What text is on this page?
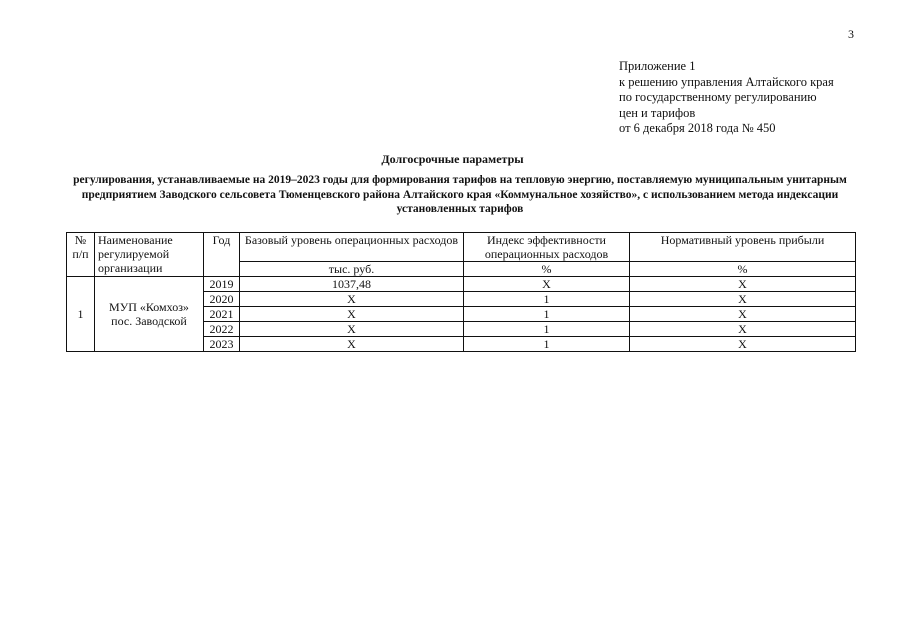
3
Приложение 1
к решению управления Алтайского края
по государственному регулированию
цен и тарифов
от 6 декабря 2018 года № 450
Долгосрочные параметры
регулирования, устанавливаемые на 2019–2023 годы для формирования тарифов на тепловую энергию, поставляемую муниципальным унитарным предприятием Заводского сельсовета Тюменцевского района Алтайского края «Коммунальное хозяйство», с использованием метода индексации установленных тарифов
№ п/п	Наименование регулируемой организации	Год	Базовый уровень операционных расходов	Индекс эффективности операционных расходов	Нормативный уровень прибыли
			тыс. руб.	%	%
1	МУП «Комхоз» пос. Заводской	2019	1037,48	X	X
		2020	X	1	X
		2021	X	1	X
		2022	X	1	X
		2023	X	1	X
